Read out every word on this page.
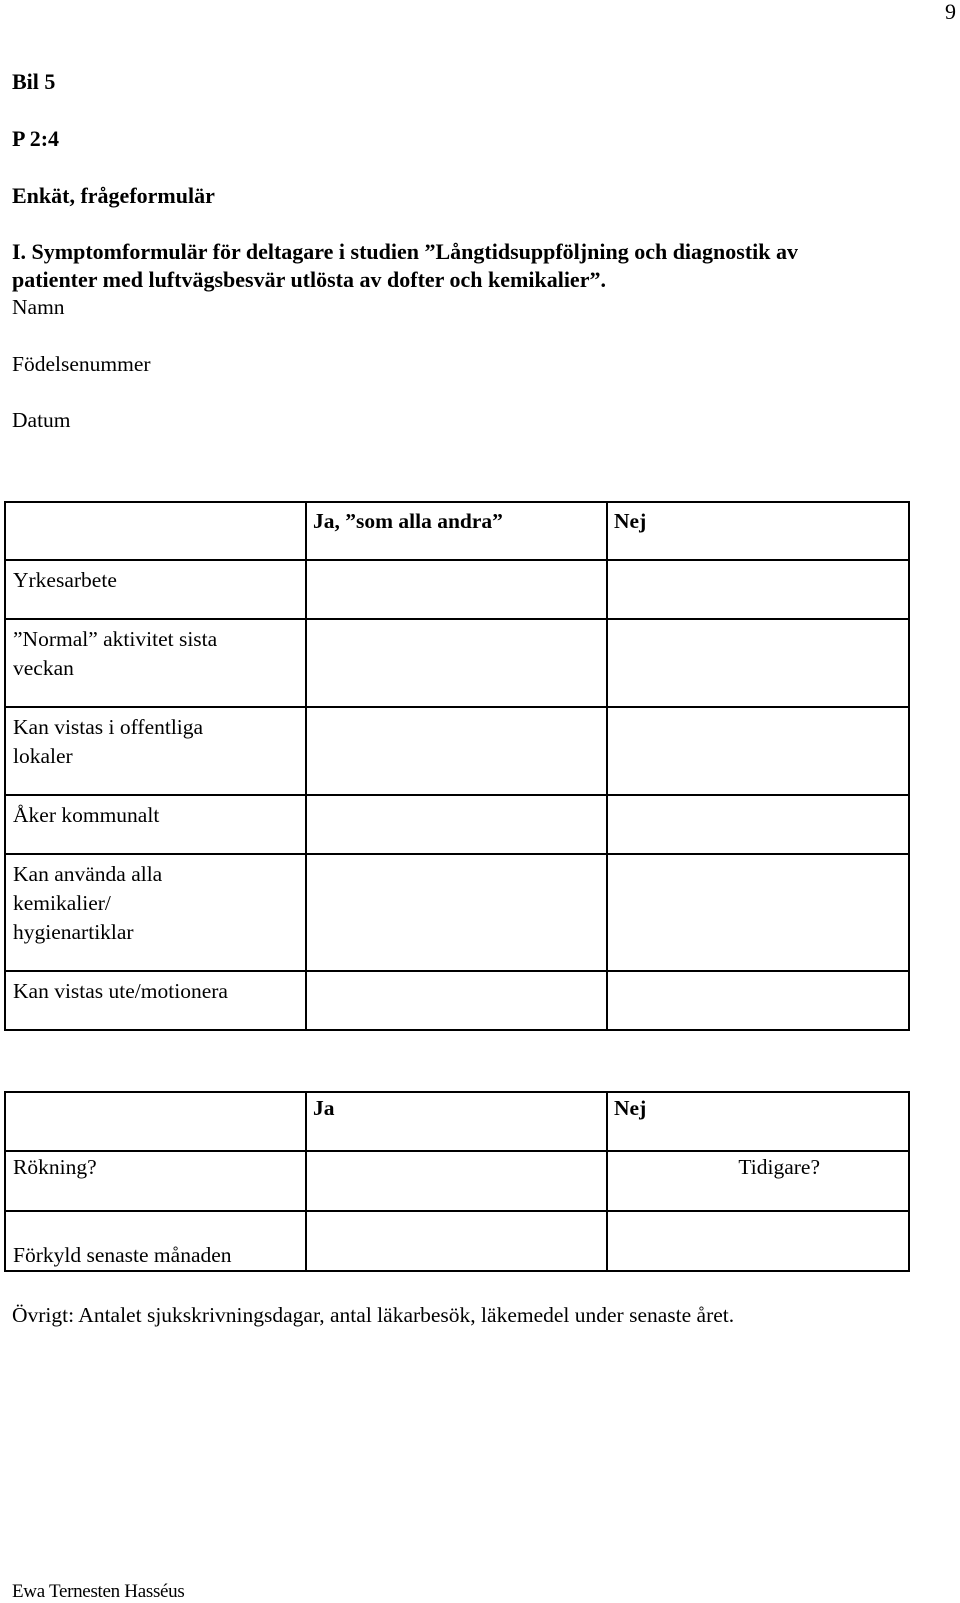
9
Bil 5
P 2:4
Enkät, frågeformulär
I. Symptomformulär för deltagare i studien ”Långtidsuppföljning och diagnostik av
patienter med luftvägsbesvär utlösta av dofter och kemikalier”.
Namn
Födelsenummer
Datum

	Ja, ”som alla andra”	Nej

Yrkesarbete		

”Normal” aktivitet sista veckan		

Kan vistas i offentliga lokaler		

Åker kommunalt		

Kan använda alla kemikalier/ hygienartiklar		

Kan vistas ute/motionera		

	Ja	Nej

Rökning?		Tidigare?

Förkyld senaste månaden		

Övrigt: Antalet sjukskrivningsdagar, antal läkarbesök, läkemedel under senaste året.
Ewa Ternesten Hasséus
